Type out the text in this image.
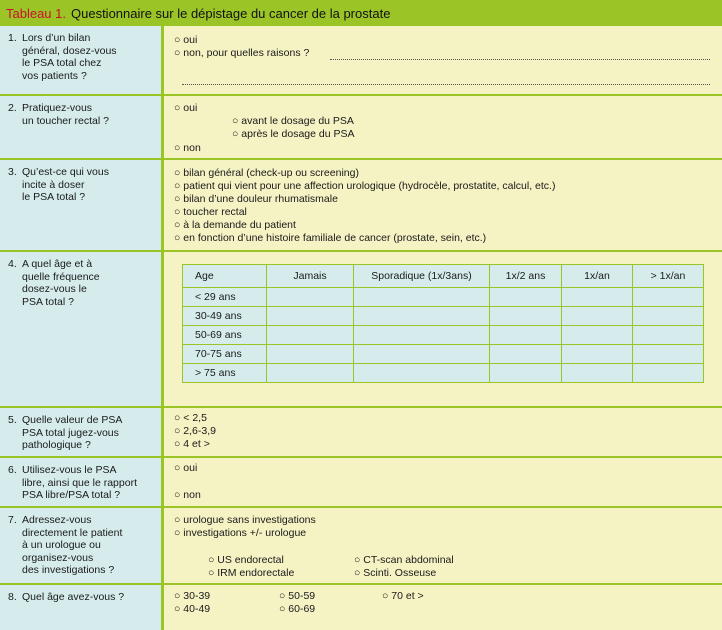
Tableau 1. Questionnaire sur le dépistage du cancer de la prostate
1. Lors d’un bilan
général, dosez-vous
le PSA total chez
vos patients ?
○ oui
○ non, pour quelles raisons ?
2. Pratiquez-vous
un toucher rectal ?
○ oui
○ avant le dosage du PSA
○ après le dosage du PSA
○ non
3. Qu’est-ce qui vous
incite à doser
le PSA total ?
○ bilan général (check-up ou screening)
○ patient qui vient pour une affection urologique (hydrocèle, prostatite, calcul, etc.)
○ bilan d’une douleur rhumatismale
○ toucher rectal
○ à la demande du patient
○ en fonction d’une histoire familiale de cancer (prostate, sein, etc.)
4. A quel âge et à
quelle fréquence
dosez-vous le
PSA total ?
Age	Jamais	Sporadique (1x/3ans)	1x/2 ans	1x/an	> 1x/an
< 29 ans					
30-49 ans					
50-69 ans					
70-75 ans					
> 75 ans					
5. Quelle valeur de PSA
PSA total jugez-vous
pathologique ?
○ < 2,5
○ 2,6-3,9
○ 4 et >
6. Utilisez-vous le PSA
libre, ainsi que le rapport
PSA libre/PSA total ?
○ oui
○ non
7. Adressez-vous
directement le patient
à un urologue ou
organisez-vous
des investigations ?
○ urologue sans investigations
○ investigations +/- urologue
○ US endorectal
○ IRM endorectale
○ CT-scan abdominal
○ Scinti. Osseuse
8. Quel âge avez-vous ?	○ 30-39
○ 40-49
○ 50-59
○ 60-69
○ 70 et >
